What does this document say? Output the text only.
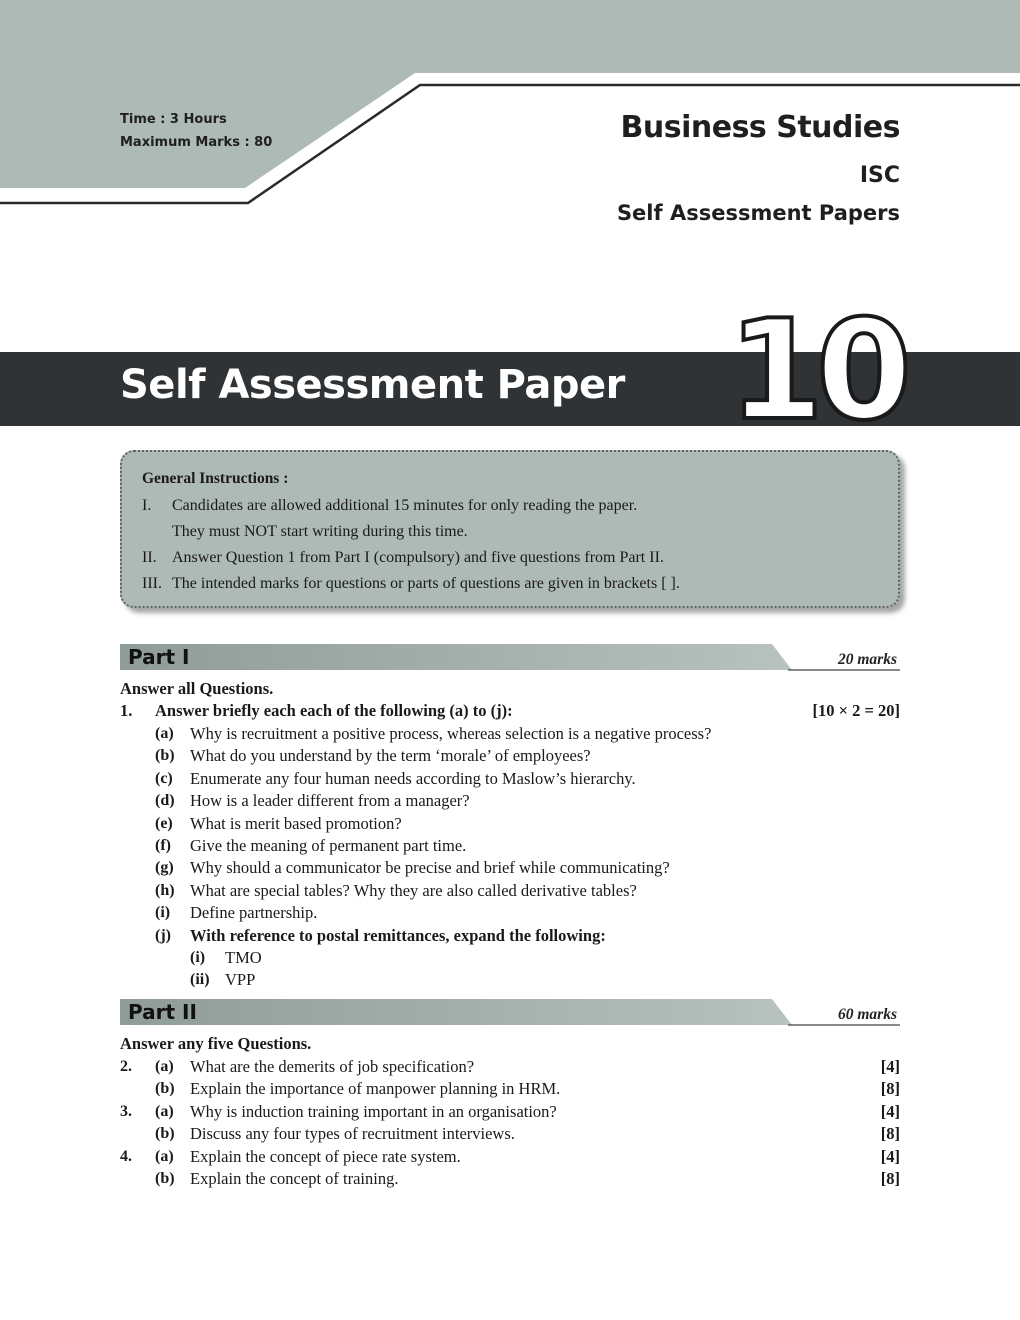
Time : 3 Hours
Maximum Marks : 80	Business Studies
ISC
Self Assessment Papers
Self Assessment Paper 10
General Instructions :
I.	Candidates are allowed additional 15 minutes for only reading the paper.
They must NOT start writing during this time.
II. Answer Question 1 from Part I (compulsory) and five questions from Part II.
III. The intended marks for questions or parts of questions are given in brackets [ ].
Part I	20 marks
Answer all Questions.
1. Answer briefly each each of the following (a) to (j):	[10 × 2 = 20]
(a) Why is recruitment a positive process, whereas selection is a negative process?
(b) What do you understand by the term ‘morale’ of employees?
(c) Enumerate any four human needs according to Maslow’s hierarchy.
(d) How is a leader different from a manager?
(e) What is merit based promotion?
(f) Give the meaning of permanent part time.
(g) Why should a communicator be precise and brief while communicating?
(h) What are special tables? Why they are also called derivative tables?
(i) Define partnership.
(j) With reference to postal remittances, expand the following:
(i) TMO
(ii) VPP
Part II	60 marks
Answer any five Questions.
2. (a) What are the demerits of job specification?	[4]
(b) Explain the importance of manpower planning in HRM.	[8]
3. (a) Why is induction training important in an organisation?	[4]
(b) Discuss any four types of recruitment interviews.	[8]
4. (a) Explain the concept of piece rate system.	[4]
(b) Explain the concept of training.	[8]
